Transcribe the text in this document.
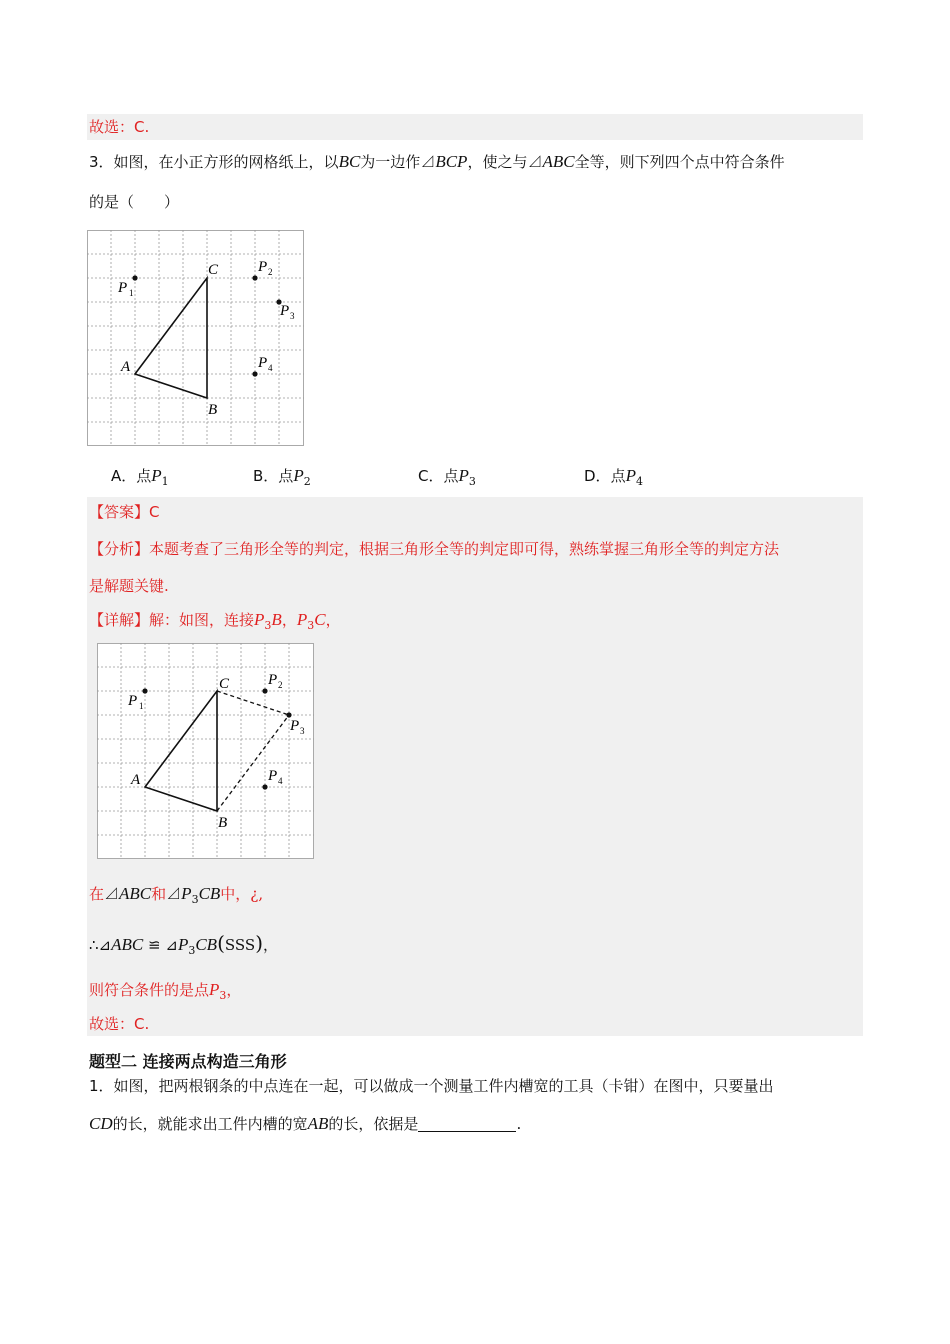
故选：C.
3．如图，在小正方形的网格纸上，以BC为一边作⊿BCP，使之与⊿ABC全等，则下列四个点中符合条件
的是（　　）
A
B
C
P 1
P 2
P 3
P 4
A．点$P_1$	B．点$P_2$	C．点$P_3$	D．点$P_4$
【答案】C
【分析】本题考查了三角形全等的判定，根据三角形全等的判定即可得，熟练掌握三角形全等的判定方法
是解题关键.
【详解】解：如图，连接$P_3B$，$P_3C$，
A
B
C
P 1
P 2
P 3
P 4
在⊿ABC和$⊿P_3CB$中，¿,
∴⊿ABC ≌ $⊿P_3CB(SSS)$，
则符合条件的是点$P_3$，
故选：C.
题型二 连接两点构造三角形
1．如图，把两根钢条的中点连在一起，可以做成一个测量工件内槽宽的工具（卡钳）在图中，只要量出
CD的长，就能求出工件内槽的宽AB的长，依据是	.
